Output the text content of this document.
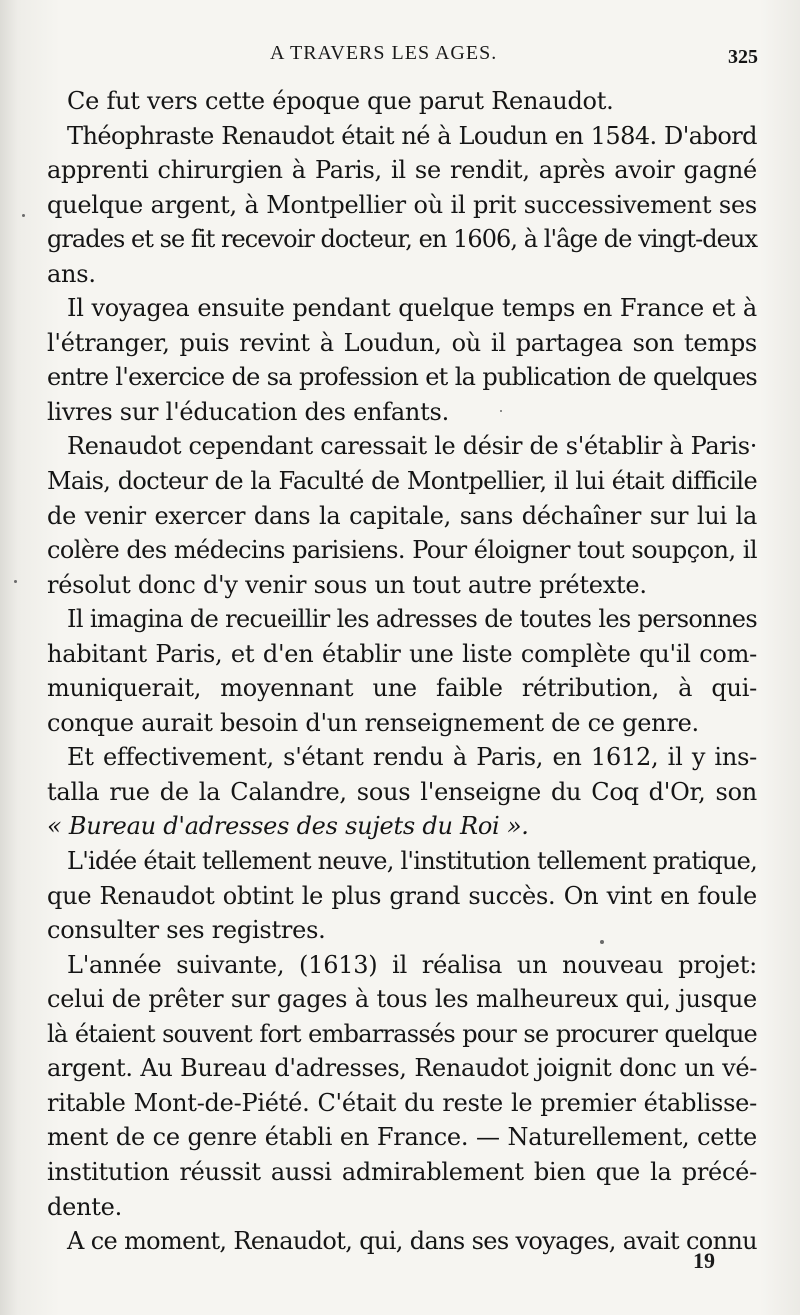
A TRAVERS LES AGES.	325
Ce fut vers cette époque que parut Renaudot.
Théophraste Renaudot était né à Loudun en 1584. D'abord
apprenti chirurgien à Paris, il se rendit, après avoir gagné
quelque argent, à Montpellier où il prit successivement ses
grades et se fit recevoir docteur, en 1606, à l'âge de vingt-deux
ans.
Il voyagea ensuite pendant quelque temps en France et à
l'étranger, puis revint à Loudun, où il partagea son temps
entre l'exercice de sa profession et la publication de quelques
livres sur l'éducation des enfants.
Renaudot cependant caressait le désir de s'établir à Paris·
Mais, docteur de la Faculté de Montpellier, il lui était difficile
de venir exercer dans la capitale, sans déchaîner sur lui la
colère des médecins parisiens. Pour éloigner tout soupçon, il
résolut donc d'y venir sous un tout autre prétexte.
Il imagina de recueillir les adresses de toutes les personnes
habitant Paris, et d'en établir une liste complète qu'il com-
muniquerait, moyennant une faible rétribution, à qui-
conque aurait besoin d'un renseignement de ce genre.
Et effectivement, s'étant rendu à Paris, en 1612, il y ins-
talla rue de la Calandre, sous l'enseigne du Coq d'Or, son
« Bureau d'adresses des sujets du Roi ».
L'idée était tellement neuve, l'institution tellement pratique,
que Renaudot obtint le plus grand succès. On vint en foule
consulter ses registres.
L'année suivante, (1613) il réalisa un nouveau projet:
celui de prêter sur gages à tous les malheureux qui, jusque
là étaient souvent fort embarrassés pour se procurer quelque
argent. Au Bureau d'adresses, Renaudot joignit donc un vé-
ritable Mont-de-Piété. C'était du reste le premier établisse-
ment de ce genre établi en France. — Naturellement, cette
institution réussit aussi admirablement bien que la précé-
dente.
A ce moment, Renaudot, qui, dans ses voyages, avait connu
19
